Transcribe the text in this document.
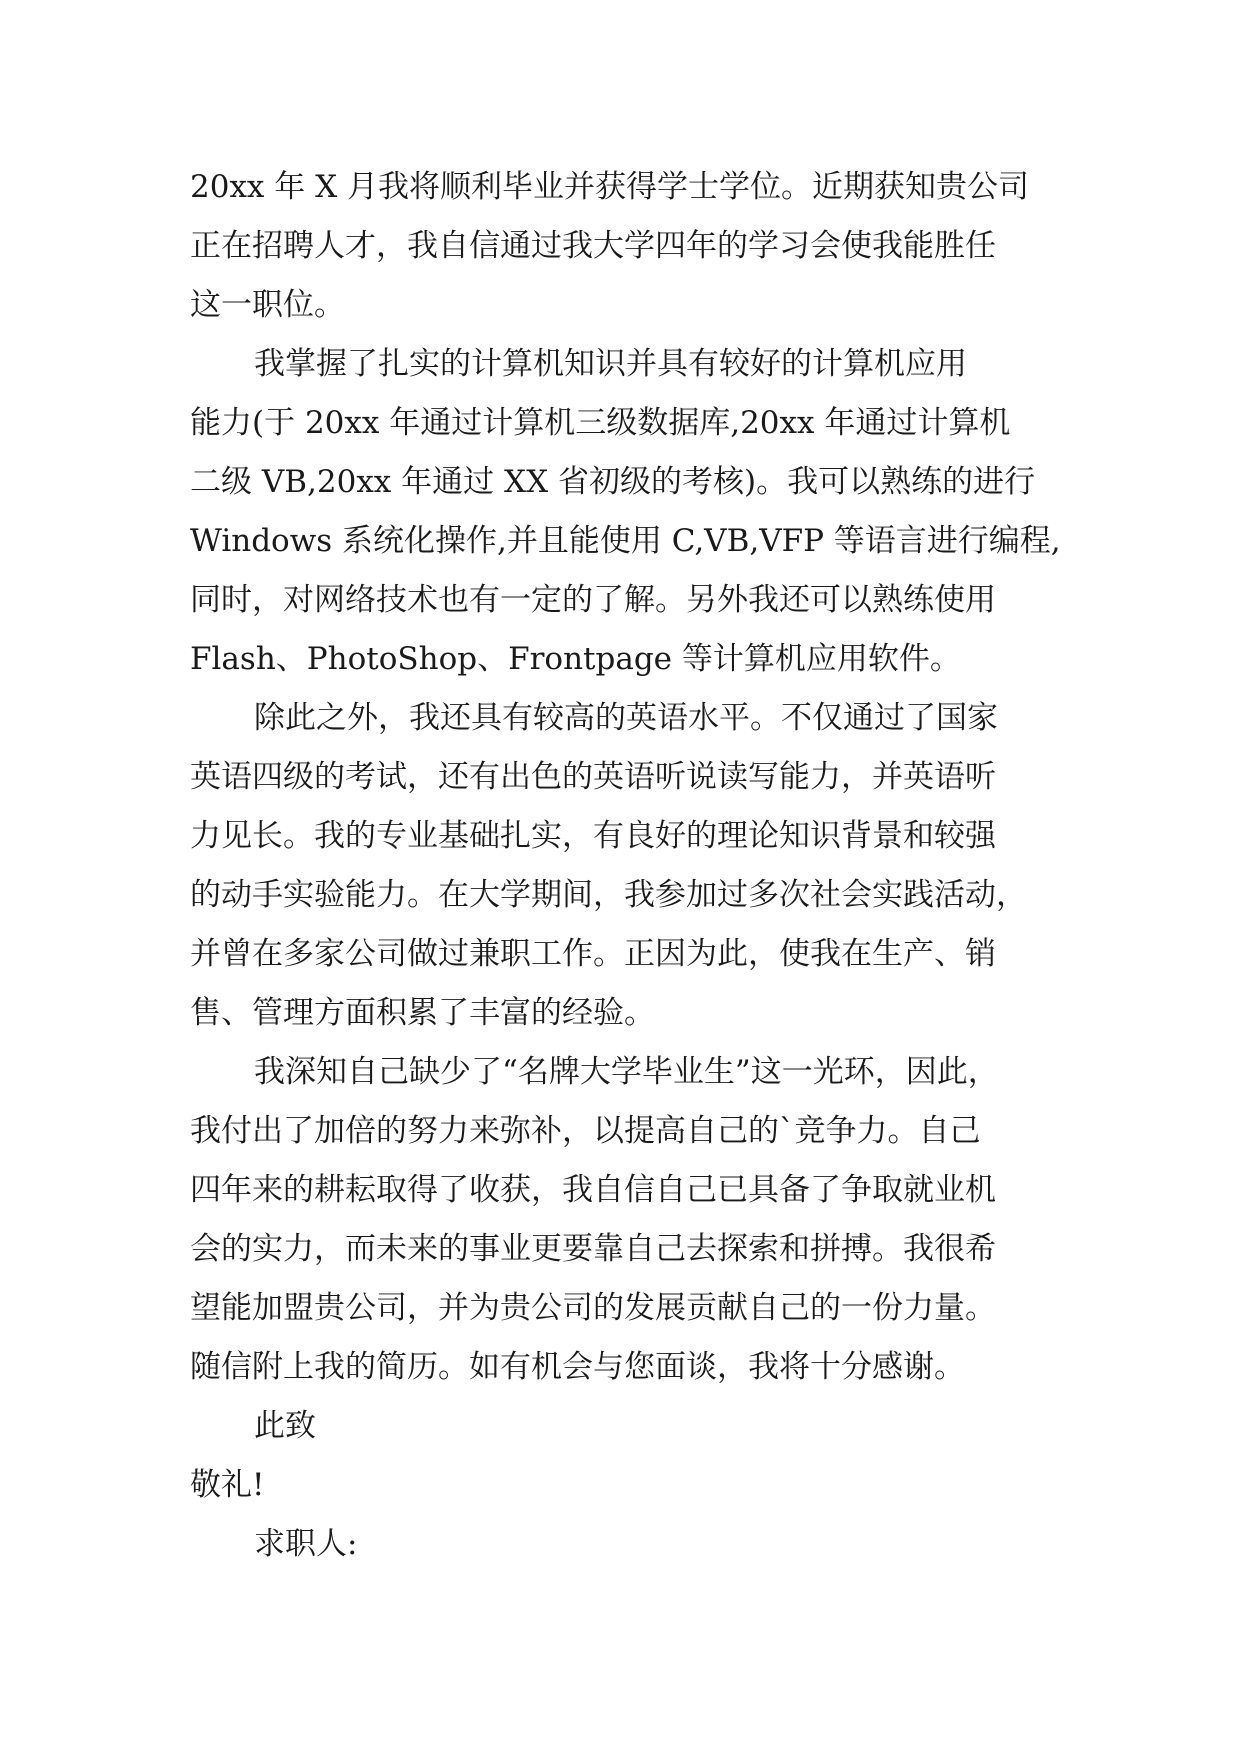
20xx 年 X 月我将顺利毕业并获得学士学位。近期获知贵公司
正在招聘人才，我自信通过我大学四年的学习会使我能胜任
这一职位。
我掌握了扎实的计算机知识并具有较好的计算机应用
能力(于 20xx 年通过计算机三级数据库,20xx 年通过计算机
二级 VB,20xx 年通过 XX 省初级的考核)。我可以熟练的进行
Windows 系统化操作,并且能使用 C,VB,VFP 等语言进行编程,
同时，对网络技术也有一定的了解。另外我还可以熟练使用
Flash、PhotoShop、Frontpage 等计算机应用软件。
除此之外，我还具有较高的英语水平。不仅通过了国家
英语四级的考试，还有出色的英语听说读写能力，并英语听
力见长。我的专业基础扎实，有良好的理论知识背景和较强
的动手实验能力。在大学期间，我参加过多次社会实践活动，
并曾在多家公司做过兼职工作。正因为此，使我在生产、销
售、管理方面积累了丰富的经验。
我深知自己缺少了“名牌大学毕业生”这一光环，因此，
我付出了加倍的努力来弥补，以提高自己的`竞争力。自己
四年来的耕耘取得了收获，我自信自己已具备了争取就业机
会的实力，而未来的事业更要靠自己去探索和拼搏。我很希
望能加盟贵公司，并为贵公司的发展贡献自己的一份力量。
随信附上我的简历。如有机会与您面谈，我将十分感谢。
此致
敬礼!
求职人:
